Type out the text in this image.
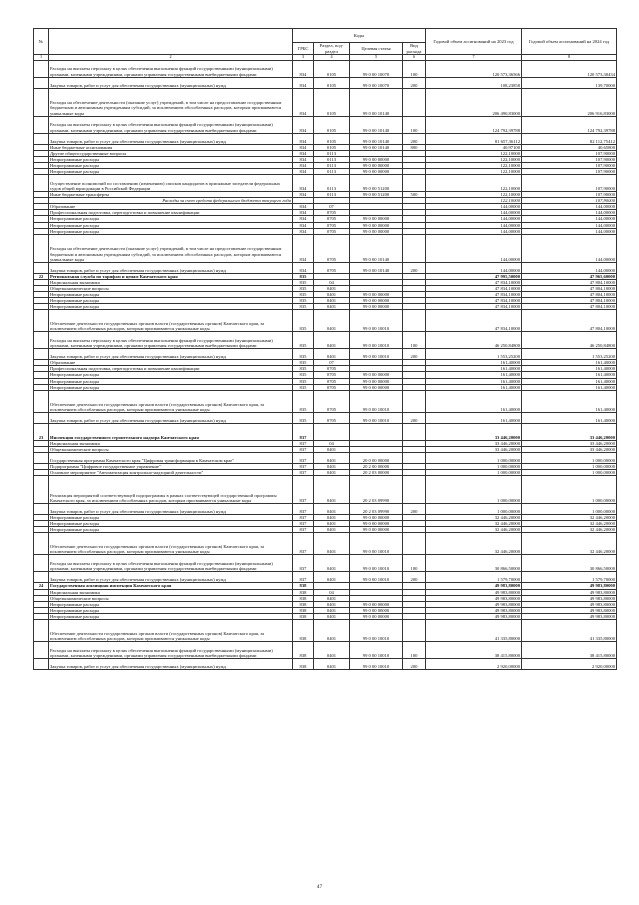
№		Коды				Годовой объем ассигнований на 2023 год	Годовой объем ассигнований на 2024 год
		ГРБС	Раздел, под-раздел	Целевая статья	Вид расхода		
1	2	3	4	5	6	7	8
	Расходы на выплаты персоналу в целях обеспечения выполнения функций государственными (муниципальными) органами, казенными учреждениями, органами управления государственными внебюджетными фондами	834	0105	99 0 00 10070	100	120 573,36566	120 573,30434
	Закупка товаров, работ и услуг для обеспечения государственных (муниципальных) нужд	834	0105	99 0 00 10070	200	108,23858	139,70000
	Расходы на обеспечение деятельности (оказание услуг) учреждений, в том числе на предоставление государственным бюджетным и автономным учреждениям субсидий, за исключением обособленных расходов, которым присваиваются уникальные коды	834	0105	99 0 00 10140		206 490,83000	206 916,83000
	Расходы на выплаты персоналу в целях обеспечения выполнения функций государственными (муниципальными) органами, казенными учреждениями, органами управления государственными внебюджетными фондами	834	0105	99 0 00 10140	100	124 792,39788	124 792,39788
	Закупка товаров, работ и услуг для обеспечения государственных (муниципальных) нужд	834	0105	99 0 00 10140	200	81 657,36112	82 112,75412
	Иные бюджетные ассигнования	834	0105	99 0 00 10140	800	40,97100	40,65800
	Другие общегосударственные вопросы	834	0113			122,10000	107,90000
	Непрограммные расходы	834	0113	99 0 00 00000		122,10000	107,90000
	Непрограммные расходы	834	0113	99 0 00 00000		122,10000	107,90000
	Непрограммные расходы	834	0113	99 0 00 00000		122,10000	107,90000
	Осуществление полномочий по составлению (изменению) списков кандидатов в присяжные заседатели федеральных судов общей юрисдикции в Российской Федерации	834	0113	99 0 00 51200		122,10000	107,90000
	Иные бюджетные трансферты	834	0113	99 0 00 51200	500	122,10000	107,90000
	Расходы за счет средств федерального бюджета текущего года					122,10000	107,90000
	Образование	834	07			144,00000	144,00000
	Профессиональная подготовка, переподготовка и повышение квалификации	834	0705			144,00000	144,00000
	Непрограммные расходы	834	0705	99 0 00 00000		144,00000	144,00000
	Непрограммные расходы	834	0705	99 0 00 00000		144,00000	144,00000
	Непрограммные расходы	834	0705	99 0 00 00000		144,00000	144,00000
	Расходы на обеспечение деятельности (оказание услуг) учреждений, в том числе на предоставление государственным бюджетным и автономным учреждениям субсидий, за исключением обособленных расходов, которым присваиваются уникальные коды	834	0705	99 0 00 10140		144,00000	144,00000
	Закупка товаров, работ и услуг для обеспечения государственных (муниципальных) нужд	834	0705	99 0 00 10140	200	144,00000	144,00000
22	Региональная служба по тарифам и ценам Камчатского края	835				47 995,50000	47 965,60000
	Национальная экономика	835	04			47 834,10000	47 804,10000
	Общеэкономические вопросы	835	0401			47 834,10000	47 804,10000
	Непрограммные расходы	835	0401	99 0 00 00000		47 834,10000	47 804,10000
	Непрограммные расходы	835	0401	99 0 00 00000		47 834,10000	47 804,10000
	Непрограммные расходы	835	0401	99 0 00 00000		47 834,10000	47 804,10000
	Обеспечение деятельности государственных органов власти (государственных органов) Камчатского края, за исключением обособленных расходов, которым присваиваются уникальные коды	835	0401	99 0 00 10010		47 834,10000	47 804,10000
	Расходы на выплаты персоналу в целях обеспечения выполнения функций государственными (муниципальными) органами, казенными учреждениями, органами управления государственными внебюджетными фондами	835	0401	99 0 00 10010	100	46 250,84800	46 250,84800
	Закупка товаров, работ и услуг для обеспечения государственных (муниципальных) нужд	835	0401	99 0 00 10010	200	1 553,25200	1 553,25200
	Образование	835	07			161,40000	161,40000
	Профессиональная подготовка, переподготовка и повышение квалификации	835	0705			161,40000	161,40000
	Непрограммные расходы	835	0705	99 0 00 00000		161,40000	161,40000
	Непрограммные расходы	835	0705	99 0 00 00000		161,40000	161,40000
	Непрограммные расходы	835	0705	99 0 00 00000		161,40000	161,40000
	Обеспечение деятельности государственных органов власти (государственных органов) Камчатского края, за исключением обособленных расходов, которым присваиваются уникальные коды	835	0705	99 0 00 10010		161,40000	161,40000
	Закупка товаров, работ и услуг для обеспечения государственных (муниципальных) нужд	835	0705	99 0 00 10010	200	161,40000	161,40000
23	Инспекция государственного строительного надзора Камчатского края	837				33 446,20000	33 446,20000
	Национальная экономика	837	04			33 446,20000	33 446,20000
	Общеэкономические вопросы	837	0401			33 446,20000	33 446,20000
	Государственная программа Камчатского края "Цифровая трансформация в Камчатском крае"	837	0401	20 0 00 00000		1 000,00000	1 000,00000
	Подпрограмма "Цифровое государственное управление"	837	0401	20 2 00 00000		1 000,00000	1 000,00000
	Основное мероприятие "Автоматизация контрольно-надзорной деятельности"	837	0401	20 2 03 00000		1 000,00000	1 000,00000
	Реализация мероприятий соответствующей подпрограммы в рамках соответствующей государственной программы Камчатского края, за исключением обособленных расходов, которым присваиваются уникальные коды	837	0401	20 2 03 09990		1 000,00000	1 000,00000
	Закупка товаров, работ и услуг для обеспечения государственных (муниципальных) нужд	837	0401	20 2 03 09990	200	1 000,00000	1 000,00000
	Непрограммные расходы	837	0401	99 0 00 00000		32 446,20000	32 446,20000
	Непрограммные расходы	837	0401	99 0 00 00000		32 446,20000	32 446,20000
	Непрограммные расходы	837	0401	99 0 00 00000		32 446,20000	32 446,20000
	Обеспечение деятельности государственных органов власти (государственных органов) Камчатского края, за исключением обособленных расходов, которым присваиваются уникальные коды	837	0401	99 0 00 10010		32 446,20000	32 446,20000
	Расходы на выплаты персоналу в целях обеспечения выполнения функций государственными (муниципальными) органами, казенными учреждениями, органами управления государственными внебюджетными фондами	837	0401	99 0 00 10010	100	30 866,50000	30 866,50000
	Закупка товаров, работ и услуг для обеспечения государственных (муниципальных) нужд	837	0401	99 0 00 10010	200	1 579,70000	1 579,70000
24	Государственная жилищная инспекция Камчатского края	838				49 983,80000	49 983,80000
	Национальная экономика	838	04			49 983,80000	49 983,80000
	Общеэкономические вопросы	838	0401			49 983,80000	49 983,80000
	Непрограммные расходы	838	0401	99 0 00 00000		49 983,80000	49 983,80000
	Непрограммные расходы	838	0401	99 0 00 00000		49 983,80000	49 983,80000
	Непрограммные расходы	838	0401	99 0 00 00000		49 983,80000	49 983,80000
	Обеспечение деятельности государственных органов власти (государственных органов) Камчатского края, за исключением обособленных расходов, которым присваиваются уникальные коды	838	0401	99 0 00 10010		41 335,80000	41 335,80000
	Расходы на выплаты персоналу в целях обеспечения выполнения функций государственными (муниципальными) органами, казенными учреждениями, органами управления государственными внебюджетными фондами	838	0401	99 0 00 10010	100	38 415,80000	38 415,80000
	Закупка товаров, работ и услуг для обеспечения государственных (муниципальных) нужд	838	0401	99 0 00 10010	200	2 920,00000	2 920,00000
47
